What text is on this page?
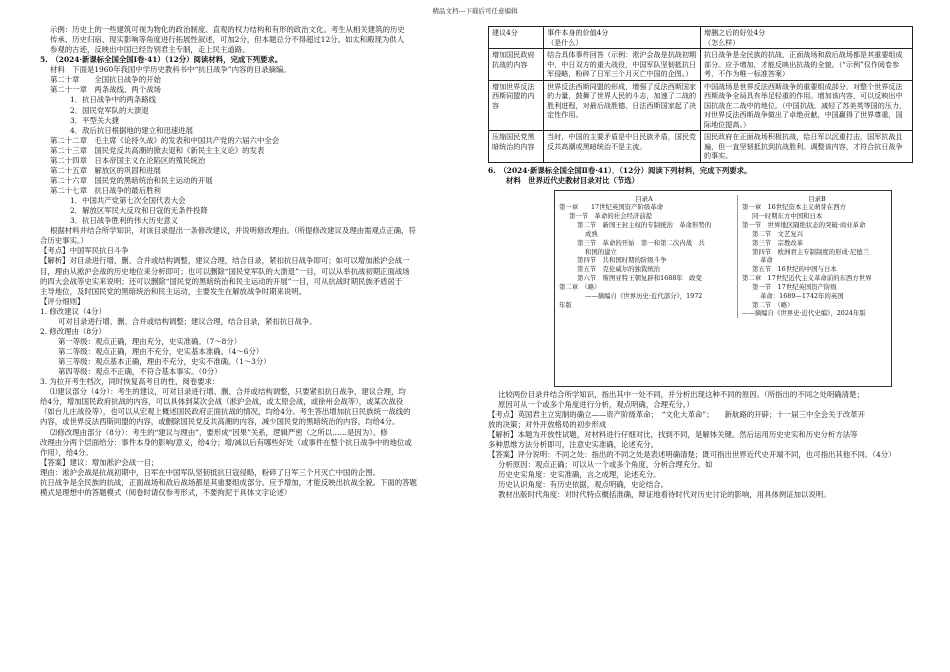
精品文档---下载后可任意编辑

示例：历史上的一些建筑可视为物化的政治制度、直观的权力结构和有形的政治文化。考生从相关建筑的历史

传承、历史归宿、现实影响等角度进行拓展性叙述，可加2分，但本题总分不得超过12分。如太和殿现为供人

参观的古迹，反映出中国已经告别君主专制，走上民主道路。

5.　（2024·新课标全国全国Ⅰ卷·41）（12分）阅读材料，完成下列要求。

材料　下面是1960年我国中学历史教科书中“抗日战争”内容的目录摘编。

第二十章　　全国抗日战争的开始

第二十一章　两条战线、两个战场

1．抗日战争中的两条路线

2．国民党军队的大溃退

3．平型关大捷

4．敌后抗日根据地的建立和迅速进展

第二十二章　毛主席《论持久战》的发表和中国共产党的六届六中全会

第二十三章　国民党反共高潮的掀去退和《新民主主义论》的发表

第二十四章　日本帝国主义在沦陷区的殖民统治

第二十五章　解放区的巩固和进展

第二十六章　国民党的黑暗统治和民主运动的开展

第二十七章　抗日战争的最后胜利

1．中国共产党第七次全国代表大会

2．解放区军民大反攻和日寇的无条件投降

3．抗日战争胜利的伟大历史意义

根据材料并结合所学知识，对该目录提出一条修改建议，并说明修改理由。（所提修改建议及理由需观点正确，符

合历史事实。）

【考点】中国军民抗日斗争

【解析】对目录进行增、删、合并或结构调整，建议合理，结合目录，紧扣抗日战争即可；如可以增加淞沪会战一

目，理由从淞沪会战的历史地位来分析即可；也可以删除“国民党军队的大溃退”一目，可以从举抗战初期正面战场

的四大会战等史实来说明；还可以删除“国民党的黑暗统治和民主运动的开展”一目，可从抗战时期民族矛盾居于

主导地位，及时国民党的黑暗统治和民主运动，主要发生在解放战争时期来说明。

【评分细则】

1. 修改建议（4分）

可对目录进行增、删、合并或结构调整；建议合理，结合目录，紧扣抗日战争。

2. 修改理由（8分）

第一等级：观点正确，理由充分，史实准确。（7～8分）

第二等级：观点正确，理由不充分，史实基本准确。（4～6分）

第三等级：观点基本正确，理由不充分，史实不准确。（1～3分）

第四等级：观点不正确，不符合基本事实。（0分）

3. 为拉开考生档次，同时恢复高考目的性，阅卷要求：

⑴建议部分（4分）：考生的建议，可对目录进行增、删、合并或结构调整，只要紧扣抗日战争，建议合理，均

给4分，增加国民政府抗战的内容，可以具体到某次会战（淞沪会战，或太原会战，或徐州会战等），或某次战役

（如台儿庄战役等），也可以从宏观上概述国民政府正面抗战的情况，均给4分。考生答出增加抗日民族统一战线的

内容，或世界反法西斯同盟的内容，或删除国民党反共高潮的内容，减少国民党的黑暗统治的内容，均给4分。

⑵修改理由部分（8分）：考生的“建议与理由”，要形成“因果”关系，逻辑严密（之所以……是因为）。修

改理由分两个层面给分：事件本身的影响/意义，给4分；增/减以后有哪些好处（或事件在整个抗日战争中的地位或

作用），给4分。

【答案】建议：增加淞沪会战一目；

理由：淞沪会战是抗战初期中，日军在中国军队坚韧抵抗日寇侵略，粉碎了日军三个月灭亡中国的企图。

抗日战争是全民族的抗战，正面战场和敌后战场都是其重要组成部分。应予增加，才能反映出抗战全貌。下面的答题

模式是理想中的答题模式（阅卷时请仅参考形式，不要拘泥于具体文字论述）

建议4分	事件本身的价值4分
（是什么）	增删之后的好处4分
（怎么样）
增加国民政府抗战的内容	结合具体事件回答（示例：淞沪会战是抗战初期中，中日双方的重大战役，中国军队坚韧抵抗日军侵略，粉碎了日军三个月灭亡中国的企图。）	抗日战争是全民族的抗战，正面战场和敌后战场都是其重要组成部分。应予增加，才能反映出抗战的全貌。（“示例”仅作阅卷参考，不作为唯一标准答案）
增加世界反法西斯同盟的内容	世界反法西斯同盟的形成，增强了反法西斯国家的力量，鼓舞了世界人民的斗志，加速了二战的胜利进程，对最后战胜德、日法西斯国家起了决定性作用。	中国战场是世界反法西斯战争的重要组成部分，对整个世界反法西斯战争全局具有举足轻重的作用。增加该内容，可以反映出中国抗战在二战中的地位。（中国抗战，减轻了苏美英等国的压力，对世界反法西斯战争做出了卓绝贡献，中国赢得了世界尊重，国际地位提高。）
压缩国民党黑暗统治的内容	当时，中国的主要矛盾是中日民族矛盾，国民党反共高潮或黑暗统治不是主流。	国民政府在正面战场积极抗战，给日军以沉重打击，国军抗战且遍，但一直坚韧抵抗到抗战胜利。调整该内容，才符合抗日战争的事实。

6.　（2024·新课标全国全国Ⅱ卷·41）．（12分）阅读下列材料，完成下列要求。

材料　世界近代史教材目录对比（节选）

目录A

第一章　　17世纪英国资产阶级革命

第一节　革命的社会经济前提

第二节　新国王封主权的专制统治　革命形势的

成熟

第三节　革命的开始　第一和第二次内战　共

和国的建立

第四节　共和国时期的阶级斗争

第五节　克伦威尔的独裁统治

第六节　斯图亚特王朝复辟和1688年　政变

第二章　（略）

——摘编自《世界历史·近代部分》，1972

年版

目录B

第一章　16世纪资本主义萌芽在西方

同一时期东方中国和日本

第一节　世界地区隔绝状态的突破·商业革命

第二节　文艺复兴

第三节　宗教改革

第四节　欧洲君主专制制度的形成·尼德兰

革命

第五节　16世纪的中国与日本

第二章　17世纪近代主义革命前的东西方世界

第一节　17世纪英国资产阶级

革命：1689—1742年的英国

第二节　（略）

——摘编自《世界史·近代史编》，2024年版

比较两份目录并结合所学知识，指出其中一处不同，并分析出现这种不同的原因。（所指出的不同之处明确清楚；

原因可从一个或多个角度进行分析，观点明确，合理充分。）

【考点】英国君主立宪制的确立——资产阶级革命；　“文化大革命”；　　新航路的开辟；十一届三中全会关于改革开

放的决策；对外开放格局的初步形成

【解析】本题为开放性试题，对材料进行仔细对比，找到不同，是解体关键。然后运用历史史实和历史分析方法等

多种思维方法分析即可，注意史实准确，论述充分。

【答案】评分说明：不同之处：指出的不同之处是表述明确清楚；既可指出世界近代史开端不同，也可指出其他不同。（4分）

分析原因：观点正确；可以从一个或多个角度，分析合理充分。如

历史史实角度：史实准确，言之成理，论述充分。

历史认识角度：有历史依据，观点明确，史论结合。

教材出版时代角度：对时代特点概括准确，辩证地看待时代对历史讨论的影响，用具体例证加以说明。
